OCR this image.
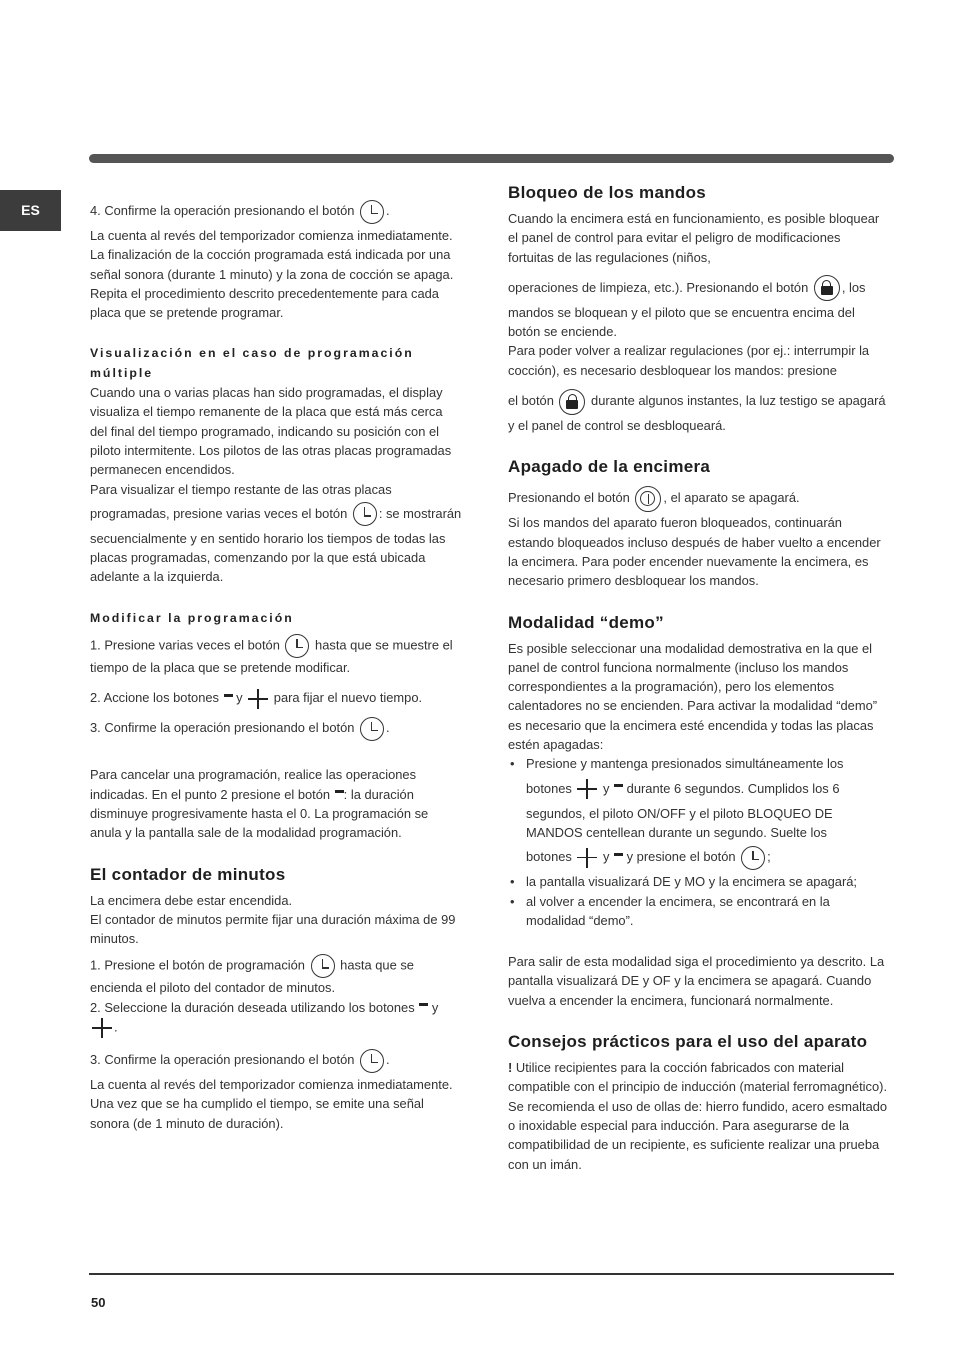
ES	4. Confirme la operación presionando el botón .

La cuenta al revés del temporizador comienza inmediatamente. La finalización de la cocción programada está indicada por una señal sonora (durante 1 minuto) y la zona de cocción se apaga.

Repita el procedimiento descrito precedentemente para cada placa que se pretende programar.

Visualización en el caso de programación múltiple

Cuando una o varias placas han sido programadas, el display visualiza el tiempo remanente de la placa que está más cerca del final del tiempo programado, indicando su posición con el piloto intermitente. Los pilotos de las otras placas programadas permanecen encendidos.

Para visualizar el tiempo restante de las otras placas

programadas, presione varias veces el botón : se mostrarán secuencialmente y en sentido horario los tiempos de todas las placas programadas, comenzando por la que está ubicada adelante a la izquierda.

Modificar la programación

1. Presione varias veces el botón  hasta que se muestre el tiempo de la placa que se pretende modificar.

2. Accione los botones  y  para fijar el nuevo tiempo.

3. Confirme la operación presionando el botón .

Para cancelar una programación, realice las operaciones indicadas. En el punto 2 presione el botón : la duración disminuye progresivamente hasta el 0. La programación se anula y la pantalla sale de la modalidad programación.

El contador de minutos

La encimera debe estar encendida.

El contador de minutos permite fijar una duración máxima de 99 minutos.

1. Presione el botón de programación  hasta que se encienda el piloto del contador de minutos.

2. Seleccione la duración deseada utilizando los botones  y .

3. Confirme la operación presionando el botón .

La cuenta al revés del temporizador comienza inmediatamente. Una vez que se ha cumplido el tiempo, se emite una señal sonora (de 1 minuto de duración).

Bloqueo de los mandos

Cuando la encimera está en funcionamiento, es posible bloquear el panel de control para evitar el peligro de modificaciones fortuitas de las regulaciones (niños,

operaciones de limpieza, etc.). Presionando el botón , los mandos se bloquean y el piloto que se encuentra encima del botón se enciende.

Para poder volver a realizar regulaciones (por ej.: interrumpir la cocción), es necesario desbloquear los mandos: presione

el botón  durante algunos instantes, la luz testigo se apagará y el panel de control se desbloqueará.

Apagado de la encimera

Presionando el botón , el aparato se apagará.

Si los mandos del aparato fueron bloqueados, continuarán estando bloqueados incluso después de haber vuelto a encender la encimera. Para poder encender nuevamente la encimera, es necesario primero desbloquear los mandos.

Modalidad “demo”

Es posible seleccionar una modalidad demostrativa en la que el panel de control funciona normalmente (incluso los mandos correspondientes a la programación), pero los elementos calentadores no se encienden. Para activar la modalidad “demo” es necesario que la encimera esté encendida y todas las placas estén apagadas:

• Presione y mantenga presionados simultáneamente los
botones  y  durante 6 segundos. Cumplidos los 6 segundos, el piloto ON/OFF y el piloto BLOQUEO DE MANDOS centellean durante un segundo. Suelte los
botones  y  y presione el botón ;
• la pantalla visualizará DE y MO y la encimera se apagará;
• al volver a encender la encimera, se encontrará en la modalidad “demo”.

Para salir de esta modalidad siga el procedimiento ya descrito. La pantalla visualizará DE y OF y la encimera se apagará. Cuando vuelva a encender la encimera, funcionará normalmente.

Consejos prácticos para el uso del aparato

! Utilice recipientes para la cocción fabricados con material compatible con el principio de inducción (material ferromagnético). Se recomienda el uso de ollas de: hierro fundido, acero esmaltado o inoxidable especial para inducción. Para asegurarse de la compatibilidad de un recipiente, es suficiente realizar una prueba con un imán.

50
